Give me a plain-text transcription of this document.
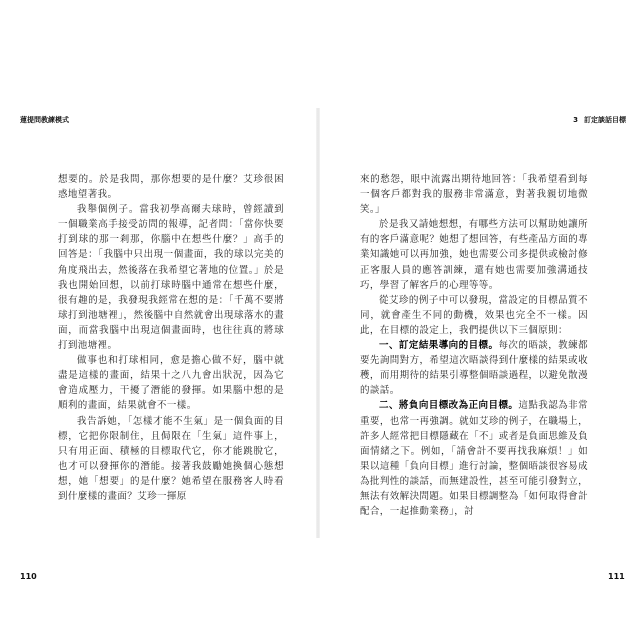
蓮提問教練模式	3 訂定談話目標

想要的。於是我問，那你想要的是什麼？艾珍很困惑地望著我。

我舉個例子。當我初學高爾夫球時，曾經讀到一個職業高手接受訪問的報導，記者問：「當你快要打到球的那一剎那，你腦中在想些什麼？」高手的回答是：「我腦中只出現一個畫面，我的球以完美的角度飛出去，然後落在我希望它著地的位置。」於是我也開始回想，以前打球時腦中通常在想些什麼，很有趣的是，我發現我經常在想的是：「千萬不要將球打到池塘裡」，然後腦中自然就會出現球落水的畫面，而當我腦中出現這個畫面時，也往往真的將球打到池塘裡。

做事也和打球相同，愈是擔心做不好，腦中就盡是這樣的畫面，結果十之八九會出狀況，因為它會造成壓力，干擾了潛能的發揮。如果腦中想的是順利的畫面，結果就會不一樣。

我告訴她，「怎樣才能不生氣」是一個負面的目標，它把你限制住，且侷限在「生氣」這件事上，只有用正面、積極的目標取代它，你才能跳脫它，也才可以發揮你的潛能。接著我鼓勵她換個心態想想，她「想要」的是什麼？她希望在服務客人時看到什麼樣的畫面？艾珍一揮原

來的愁怨，眼中流露出期待地回答：「我希望看到每一個客戶都對我的服務非常滿意，對著我親切地微笑。」

於是我又請她想想，有哪些方法可以幫助她讓所有的客戶滿意呢？她想了想回答，有些產品方面的專業知識她可以再加強，她也需要公司多提供或檢討修正客服人員的應答訓練，還有她也需要加強溝通技巧，學習了解客戶的心理等等。

從艾珍的例子中可以發現，當設定的目標品質不同，就會產生不同的動機，效果也完全不一樣。因此，在目標的設定上，我們提供以下三個原則：

一、訂定結果導向的目標。每次的晤談，教練都要先詢問對方，希望這次晤談得到什麼樣的結果或收穫，而用期待的結果引導整個晤談過程，以避免散漫的談話。

二、將負向目標改為正向目標。這點我認為非常重要，也常一再強調。就如艾珍的例子，在職場上，許多人經常把目標隱藏在「不」或者是負面思維及負面情緒之下。例如，「請會計不要再找我麻煩！」如果以這種「負向目標」進行討論，整個晤談很容易成為批判性的談話，而無建設性，甚至可能引發對立，無法有效解決問題。如果目標調整為「如何取得會計配合，一起推動業務」，討

110	111
